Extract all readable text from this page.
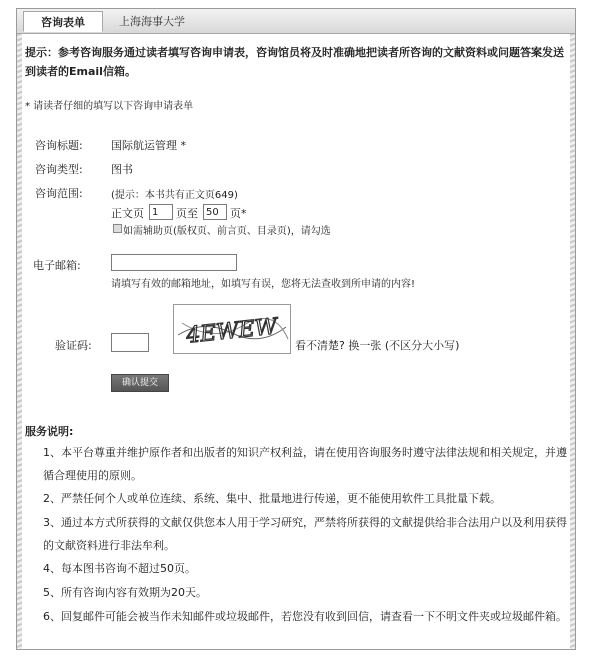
咨询表单	上海海事大学
提示：参考咨询服务通过读者填写咨询申请表，咨询馆员将及时准确地把读者所咨询的文献资料或问题答案发送到读者的Email信箱。
* 请读者仔细的填写以下咨询申请表单
咨询标题:	国际航运管理 *
咨询类型:	图书
咨询范围:	(提示：本书共有正文页649)
正文页
1	页至
50	页*
如需辅助页(版权页、前言页、目录页)，请勾选
电子邮箱:
请填写有效的邮箱地址，如填写有误，您将无法查收到所申请的内容!
验证码:	4EWEW 看不清楚? 换一张 (不区分大小写)
确认提交
服务说明:
1、本平台尊重并维护原作者和出版者的知识产权利益，请在使用咨询服务时遵守法律法规和相关规定，并遵循合理使用的原则。
2、严禁任何个人或单位连续、系统、集中、批量地进行传递，更不能使用软件工具批量下载。
3、通过本方式所获得的文献仅供您本人用于学习研究，严禁将所获得的文献提供给非合法用户以及利用获得的文献资料进行非法牟利。
4、每本图书咨询不超过50页。
5、所有咨询内容有效期为20天。
6、回复邮件可能会被当作未知邮件或垃圾邮件，若您没有收到回信，请查看一下不明文件夹或垃圾邮件箱。
